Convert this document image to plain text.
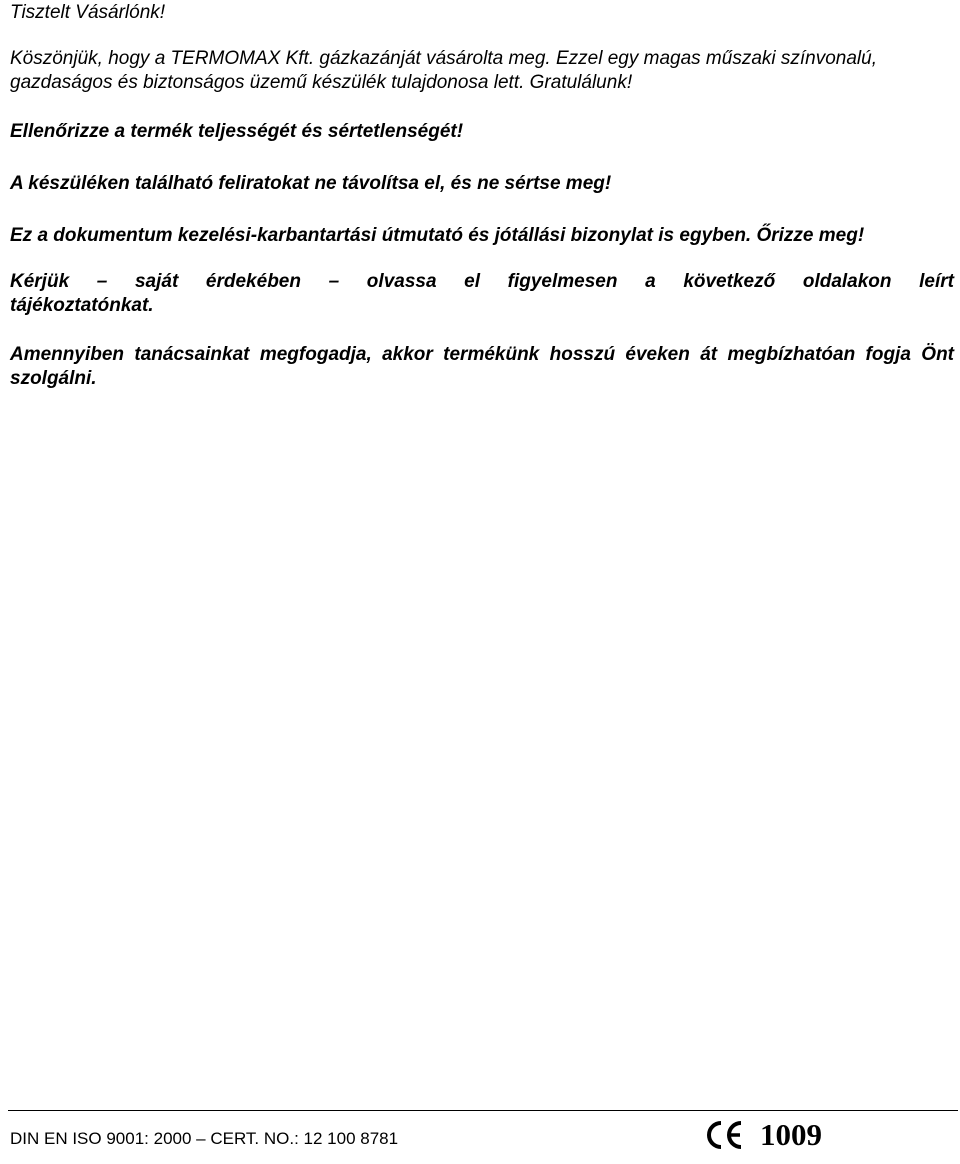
Tisztelt Vásárlónk!

Köszönjük, hogy a TERMOMAX Kft. gázkazánját vásárolta meg. Ezzel egy magas műszaki színvonalú, gazdaságos és biztonságos üzemű készülék tulajdonosa lett. Gratulálunk!

Ellenőrizze a termék teljességét és sértetlenségét!

A készüléken található feliratokat ne távolítsa el, és ne sértse meg!

Ez a dokumentum kezelési-karbantartási útmutató és jótállási bizonylat is egyben. Őrizze meg!

Kérjük – saját érdekében – olvassa el figyelmesen a következő oldalakon leírt tájékoztatónkat.

Amennyiben tanácsainkat megfogadja, akkor termékünk hosszú éveken át megbízhatóan fogja Önt szolgálni.

DIN EN ISO 9001: 2000 – CERT. NO.: 12 100 8781	1009
